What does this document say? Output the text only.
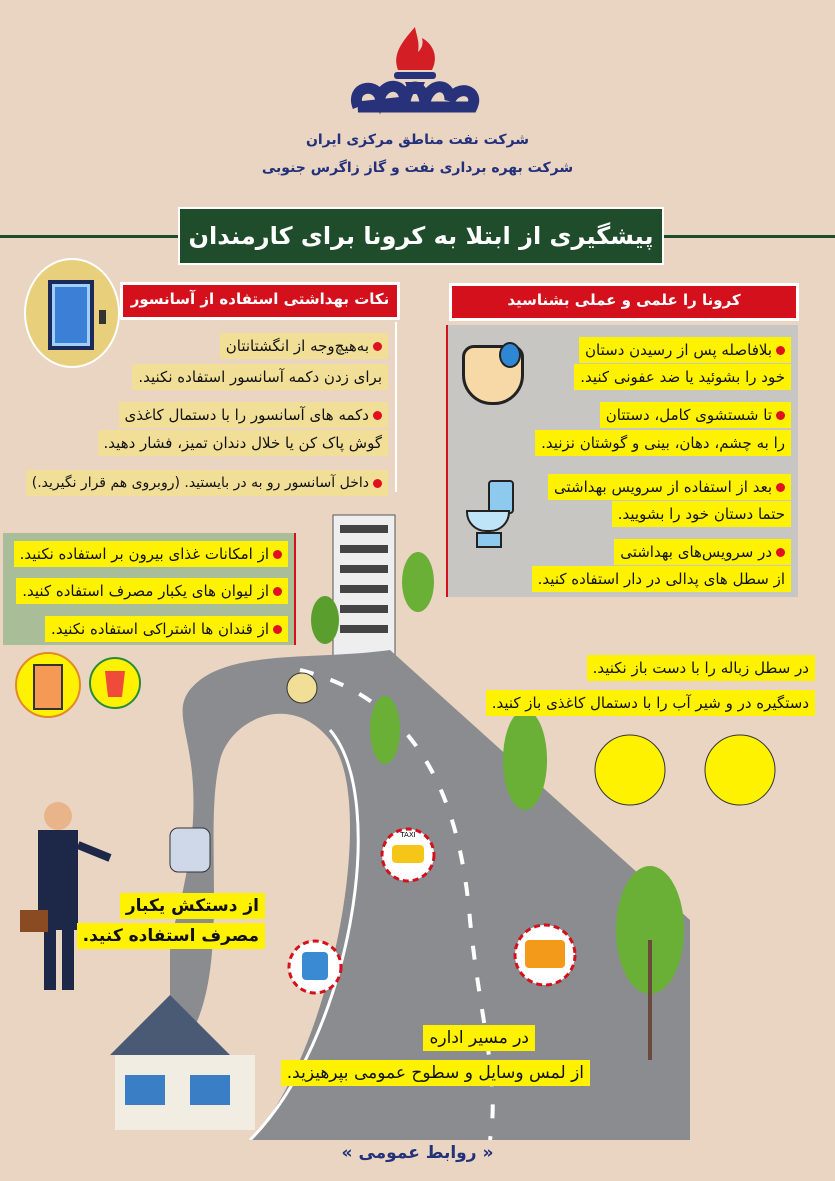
شرکت نفت مناطق مرکزی ایران
شرکت بهره برداری نفت و گاز زاگرس جنوبی
پیشگیری از ابتلا به کرونا برای کارمندان
نکات بهداشتی استفاده از آسانسور
به‌هیچ‌وجه از انگشتانتان
برای زدن دکمه آسانسور استفاده نکنید.
دکمه های آسانسور را با دستمال کاغذی
گوش پاک کن یا خلال دندان تمیز، فشار دهید.
داخل آسانسور رو به در بایستید. (روبروی هم قرار نگیرید.)
کرونا را علمی و عملی بشناسید
بلافاصله پس از رسیدن دستان
خود را بشوئید یا ضد عفونی کنید.
تا شستشوی کامل، دستتان
را به چشم، دهان، بینی و گوشتان نزنید.
بعد از استفاده از سرویس بهداشتی
حتما دستان خود را بشویید.
در سرویس‌های بهداشتی
از سطل های پدالی در دار استفاده کنید.
از امکانات غذای بیرون بر استفاده نکنید.
از لیوان های یکبار مصرف استفاده کنید.
از قندان ها اشتراکی استفاده نکنید.
TAXI
در سطل زباله را با دست باز نکنید.
دستگیره در و شیر آب را با دستمال کاغذی باز کنید.
از دستکش یکبار
مصرف استفاده کنید.
در مسیر اداره
از لمس وسایل و سطوح عمومی بپرهیزید.
« روابط عمومی »
